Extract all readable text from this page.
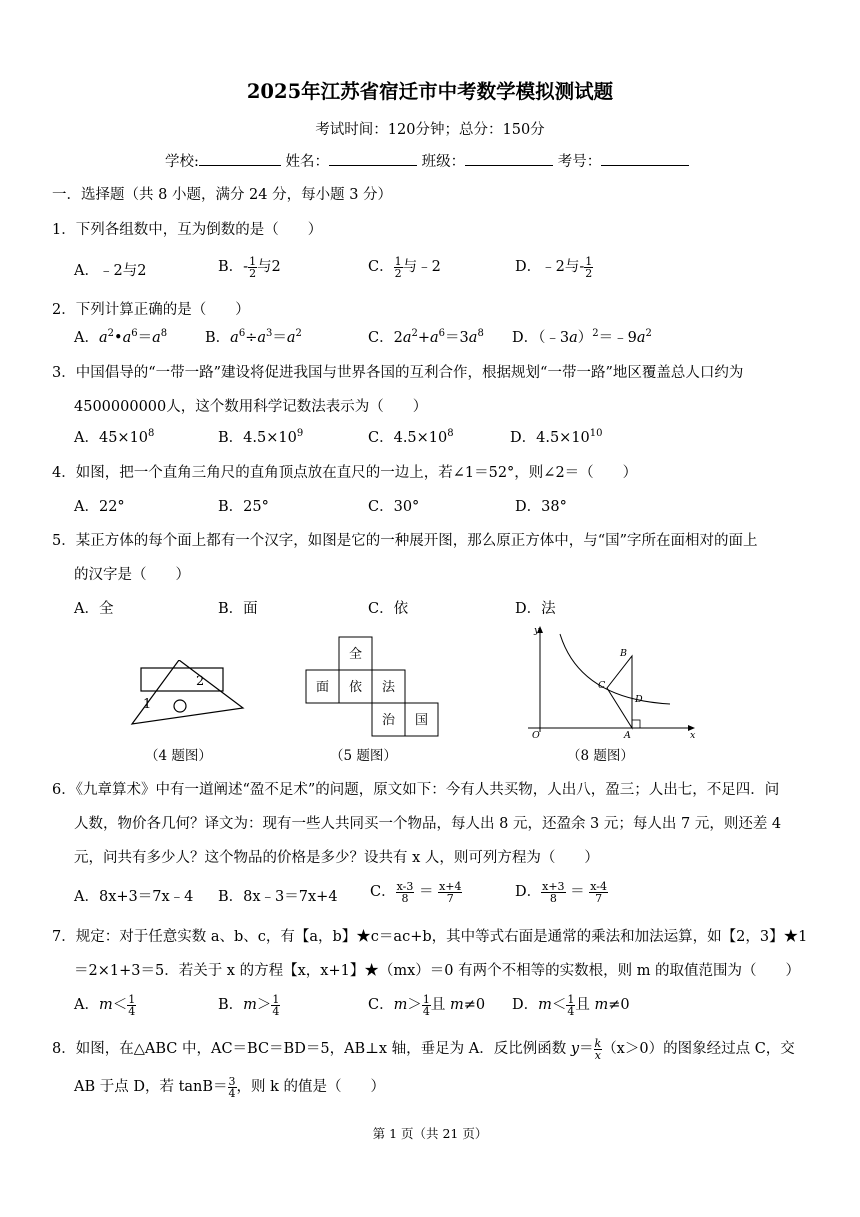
2025年江苏省宿迁市中考数学模拟测试题
考试时间：120分钟；总分：150分
学校:	姓名：	班级：	考号：
一．选择题（共 8 小题，满分 24 分，每小题 3 分）
1．下列各组数中，互为倒数的是（　　）
A．﹣2与2	B．- $\frac{1}{2}$ 与2	C． $\frac{1}{2}$ 与﹣2	D．﹣2与- $\frac{1}{2}$
2．下列计算正确的是（　　）
A．$a^2•a^6=a^8$	B．$a^6\div a^3=a^2$	C．$2a^2+a^6=3a^8$ D．$(﹣3a)^2=﹣9a^2$
3．中国倡导的“一带一路”建设将促进我国与世界各国的互利合作，根据规划“一带一路”地区覆盖总人口约为
4500000000人，这个数用科学记数法表示为（　　）
A．$45\times 10^8$	B．$4.5\times 10^9$	C．$4.5\times 10^8$	D．$4.5\times 10^{10}$
4．如图，把一个直角三角尺的直角顶点放在直尺的一边上，若∠1＝52°，则∠2＝（　　）
A．22°	B．25°	C．30°	D．38°
5．某正方体的每个面上都有一个汉字，如图是它的一种展开图，那么原正方体中，与“国”字所在面相对的面上
的汉字是（　　）
A．全	B．面	C．依	D．法
1
2
（4 题图）
全
面 依 法
治 国
（5 题图）
y
x
O	A
B
C
D
（8 题图）
6．《九章算术》中有一道阐述“盈不足术”的问题，原文如下：今有人共买物，人出八，盈三；人出七，不足四．问
人数，物价各几何？译文为：现有一些人共同买一个物品，每人出 8 元，还盈余 3 元；每人出 7 元，则还差 4
元，问共有多少人？这个物品的价格是多少？设共有 x 人，则可列方程为（　　）
A．8x+3＝7x﹣4 B．8x﹣3＝7x+4 C． $\frac{x-3}{8} = \frac{x+4}{7}$	D． $\frac{x+3}{8} = \frac{x-4}{7}$
7．规定：对于任意实数 a、b、c，有【a，b】★c＝ac+b，其中等式右面是通常的乘法和加法运算，如【2，3】★1
＝2×1+3＝5．若关于 x 的方程【x，x+1】★（mx）＝0 有两个不相等的实数根，则 m 的取值范围为（　　）
A．$m< \frac{1}{4}$	B．$m> \frac{1}{4}$	C．$m> \frac{1}{4}$ 且 m≠0 D．$m< \frac{1}{4}$ 且 m≠0
8．如图，在△ABC 中，AC＝BC＝BD＝5，AB⊥x 轴，垂足为 A．反比例函数 $y= \frac{k}{x} (x>0)$的图象经过点 C，交
AB 于点 D，若 $\tan B= \frac{3}{4}$ ，则 k 的值是（　　）
第 1 页（共 21 页）
